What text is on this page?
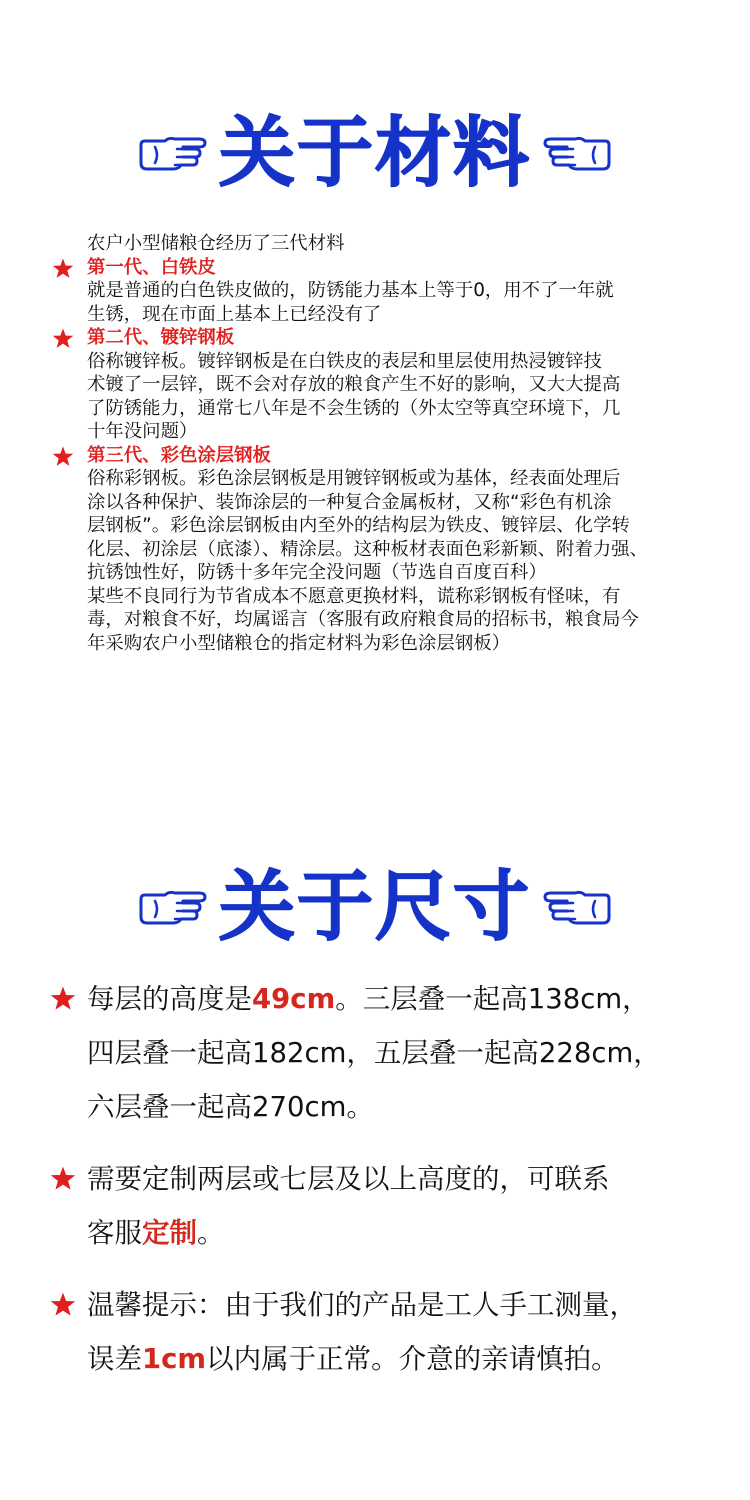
关于材料

农户小型储粮仓经历了三代材料

第一代、白铁皮

就是普通的白色铁皮做的，防锈能力基本上等于0，用不了一年就

生锈，现在市面上基本上已经没有了

第二代、镀锌钢板

俗称镀锌板。镀锌钢板是在白铁皮的表层和里层使用热浸镀锌技

术镀了一层锌，既不会对存放的粮食产生不好的影响，又大大提高

了防锈能力，通常七八年是不会生锈的（外太空等真空环境下，几

十年没问题）

第三代、彩色涂层钢板

俗称彩钢板。彩色涂层钢板是用镀锌钢板或为基体，经表面处理后

涂以各种保护、装饰涂层的一种复合金属板材，又称“彩色有机涂

层钢板”。彩色涂层钢板由内至外的结构层为铁皮、镀锌层、化学转

化层、初涂层（底漆）、精涂层。这种板材表面色彩新颖、附着力强、

抗锈蚀性好，防锈十多年完全没问题（节选自百度百科）

某些不良同行为节省成本不愿意更换材料，谎称彩钢板有怪味，有

毒，对粮食不好，均属谣言（客服有政府粮食局的招标书，粮食局今

年采购农户小型储粮仓的指定材料为彩色涂层钢板）

关于尺寸

每层的高度是49cm。三层叠一起高138cm，

四层叠一起高182cm，五层叠一起高228cm，

六层叠一起高270cm。

需要定制两层或七层及以上高度的，可联系

客服定制。

温馨提示：由于我们的产品是工人手工测量，

误差1cm以内属于正常。介意的亲请慎拍。
